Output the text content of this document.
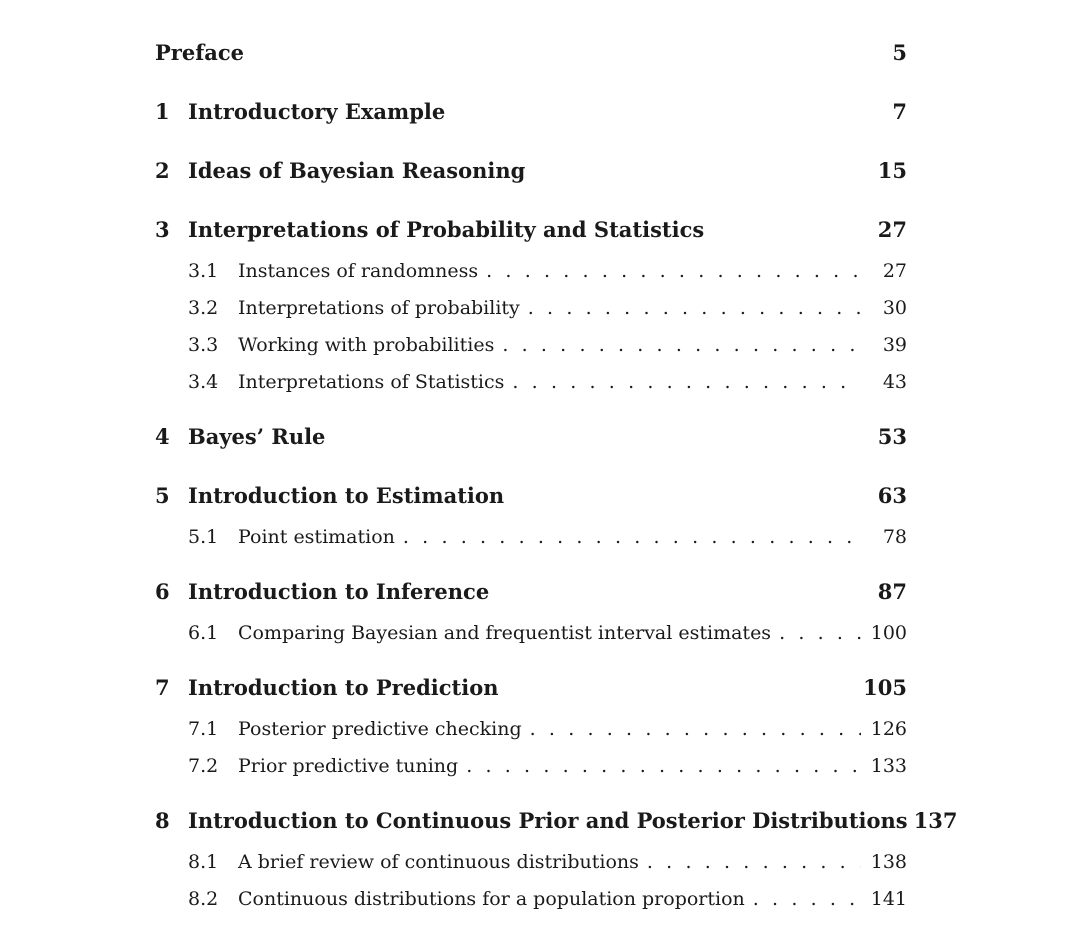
Preface	5
1 Introductory Example	7
2 Ideas of Bayesian Reasoning	15
3 Interpretations of Probability and Statistics	27
3.1	Instances of randomness . . .	27
3.2	Interpretations of probability . . .	30
3.3	Working with probabilities . . .	39
3.4	Interpretations of Statistics . . .	43
4 Bayes’ Rule	53
5 Introduction to Estimation	63
5.1	Point estimation . . .	78
6 Introduction to Inference	87
6.1	Comparing Bayesian and frequentist interval estimates . . .	100
7 Introduction to Prediction	105
7.1	Posterior predictive checking . . .	126
7.2	Prior predictive tuning . . .	133
8 Introduction to Continuous Prior and Posterior Distributions 137
8.1	A brief review of continuous distributions . . .	138
8.2	Continuous distributions for a population proportion . . .	141
